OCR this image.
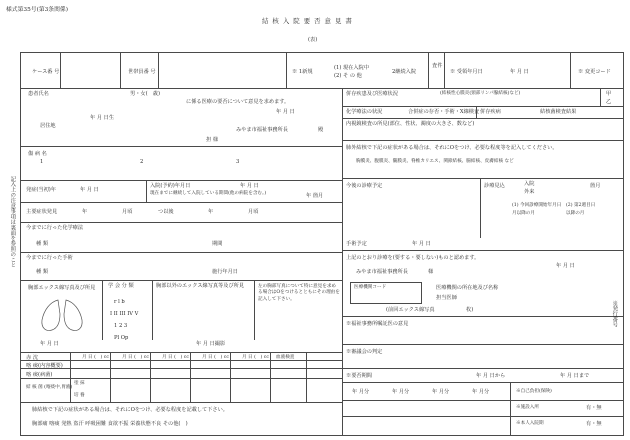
様式第35号(第3条関係)
結 核 入 院 要 否 意 見 書
(表)
ケース番 号	世帯員番 号	※ 1新規
(1) 現在入院中
(2) そ の 他
2継続入院
査件
※ 受領年月日	年 月 日	※ 変更コード
患者氏名	男・女(　歳)
に係る医療の要否について意見を求めます。
年 月 日
年 月 日生
居住地
みやま市福祉事務所長	殿
担 様
傷 病 名
1	2	3
発症(当初)年	年 月 日
入院(予約)年月日	年 月 日
現在までに継続して入院している期間(他の病院を含む。)	年 箇月
主要症状発見	年	月頃	つ以後	年	月頃
今までに行った化学療法
種 類	期間
今までに行った手術
種 類	施行年月日
胸部エックス線写真及び所見 学 会 分 類
r l b
I II III IV V
1 2 3
Pl Op
胸部以外のエックス線写真等及び所見	左の胸部写真について特に意見を求める場合はOをつけるとともにその理由を記入して下さい。
年 月 日撮影
年 月 日
赤 沈
喀 痰(内容概要)
喀 痰(病菌)
結 核 菌 (喀痰中,胃液)
塗 抹
培 養
月 日 (　) cc	月 日 (　) cc	月 日 (　) cc	月 日 (　) cc	月 日 (　) cc 血液検査
肺結核で下記の症状がある場合は、それにOをつけ、必要な程度を記載して下さい。
胸部痛 喀痰 発熱 盗汗 呼吸困難 食欲不振 栄養状態不良 その他(　)
併存疾患及び医療状況	(結核性心膜炎(頸部リンパ腺結核)など)	甲
乙
化学療法の状況	合併症の存否・手術・X線検査 併存疾病	結核菌検査結果
内視鏡検査の所見(部位、性状、濁度の大きさ、数など)
肺外結核で下記の症状がある場合は、それにOをつけ、必要な程度等を記入してください。
胸膜炎、腹膜炎、髄膜炎、脊椎カリエス、関節結核、腸結核、皮膚結核 など
今後の診療予定	診療見込	入院
外来
箇月
(1) 今回診療開始年月日 (2) 第2週目日
月以降の月	以降の月
手術予定	年 月 日
上記のとおり診療を(要する・要しない)ものと認めます。
年 月 日
みやま市福祉事務所長	様
医療機関コード	医療機関の所在地及び名称
担当医師
(前回エックス線写真	枚)
※福祉事務所嘱託医の意見
※審議会の判定
※要否期間	年 月 日から	年 月 日まで
年 月分	年 月分	年 月分	年 月分	※自己負担(保険)
※施設入所	有・無
※本人入院期	有・無
記入上の注意事項は裏面を参照のこと
※発行番号
